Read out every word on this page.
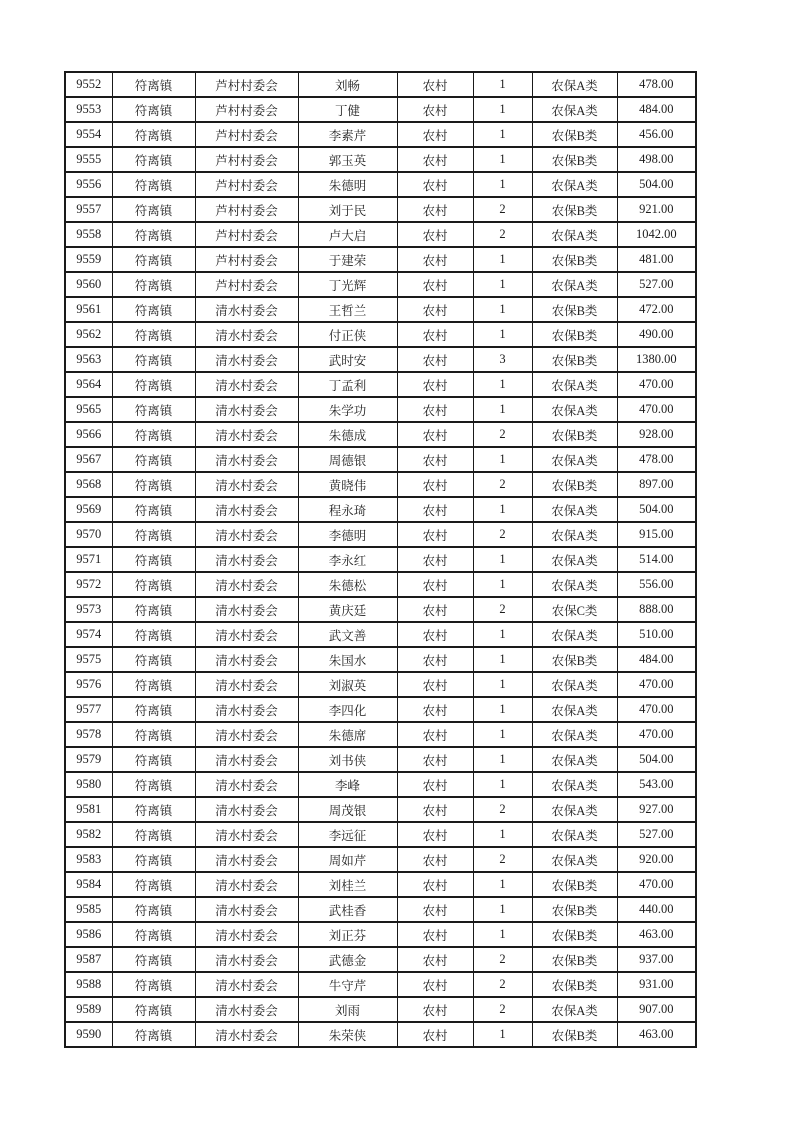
9552	符离镇	芦村村委会	刘畅	农村	1	农保A类	478.00
9553	符离镇	芦村村委会	丁健	农村	1	农保A类	484.00
9554	符离镇	芦村村委会	李素芹	农村	1	农保B类	456.00
9555	符离镇	芦村村委会	郭玉英	农村	1	农保B类	498.00
9556	符离镇	芦村村委会	朱德明	农村	1	农保A类	504.00
9557	符离镇	芦村村委会	刘于民	农村	2	农保B类	921.00
9558	符离镇	芦村村委会	卢大启	农村	2	农保A类	1042.00
9559	符离镇	芦村村委会	于建荣	农村	1	农保B类	481.00
9560	符离镇	芦村村委会	丁光辉	农村	1	农保A类	527.00
9561	符离镇	清水村委会	王哲兰	农村	1	农保B类	472.00
9562	符离镇	清水村委会	付正侠	农村	1	农保B类	490.00
9563	符离镇	清水村委会	武时安	农村	3	农保B类	1380.00
9564	符离镇	清水村委会	丁孟利	农村	1	农保A类	470.00
9565	符离镇	清水村委会	朱学功	农村	1	农保A类	470.00
9566	符离镇	清水村委会	朱德成	农村	2	农保B类	928.00
9567	符离镇	清水村委会	周德银	农村	1	农保A类	478.00
9568	符离镇	清水村委会	黄晓伟	农村	2	农保B类	897.00
9569	符离镇	清水村委会	程永琦	农村	1	农保A类	504.00
9570	符离镇	清水村委会	李德明	农村	2	农保A类	915.00
9571	符离镇	清水村委会	李永红	农村	1	农保A类	514.00
9572	符离镇	清水村委会	朱德松	农村	1	农保A类	556.00
9573	符离镇	清水村委会	黄庆廷	农村	2	农保C类	888.00
9574	符离镇	清水村委会	武文善	农村	1	农保A类	510.00
9575	符离镇	清水村委会	朱国水	农村	1	农保B类	484.00
9576	符离镇	清水村委会	刘淑英	农村	1	农保A类	470.00
9577	符离镇	清水村委会	李四化	农村	1	农保A类	470.00
9578	符离镇	清水村委会	朱德席	农村	1	农保A类	470.00
9579	符离镇	清水村委会	刘书侠	农村	1	农保A类	504.00
9580	符离镇	清水村委会	李峰	农村	1	农保A类	543.00
9581	符离镇	清水村委会	周茂银	农村	2	农保A类	927.00
9582	符离镇	清水村委会	李远征	农村	1	农保A类	527.00
9583	符离镇	清水村委会	周如芹	农村	2	农保A类	920.00
9584	符离镇	清水村委会	刘桂兰	农村	1	农保B类	470.00
9585	符离镇	清水村委会	武桂香	农村	1	农保B类	440.00
9586	符离镇	清水村委会	刘正芬	农村	1	农保B类	463.00
9587	符离镇	清水村委会	武德金	农村	2	农保B类	937.00
9588	符离镇	清水村委会	牛守芹	农村	2	农保B类	931.00
9589	符离镇	清水村委会	刘雨	农村	2	农保A类	907.00
9590	符离镇	清水村委会	朱荣侠	农村	1	农保B类	463.00
